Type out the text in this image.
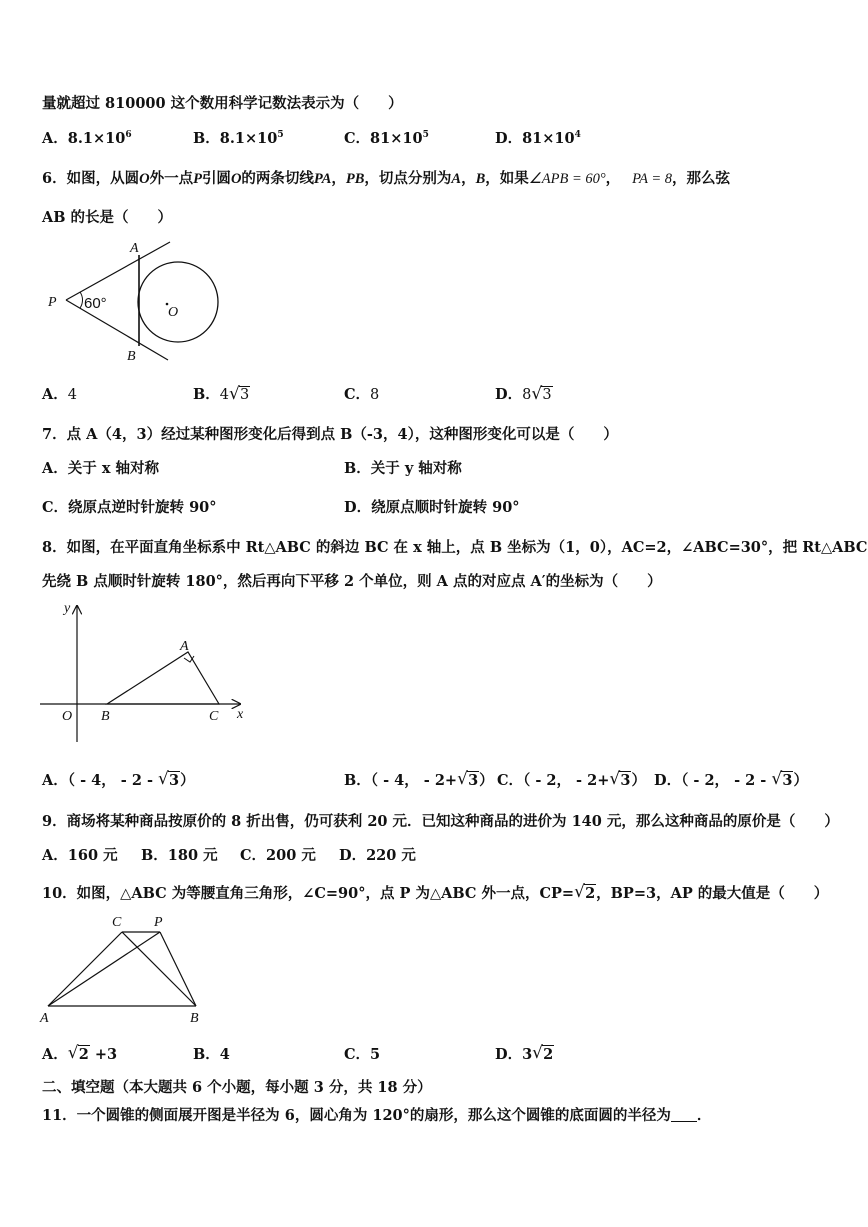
量就超过 810000 这个数用科学记数法表示为（　　）
A．$8.1\times 10^6$	B．$8.1\times 10^5$	C．$81\times 10^5$	D．$81\times 10^4$
6．如图，从圆O外一点P引圆O的两条切线PA，PB，切点分别为A，B，如果∠APB = 60°， PA = 8，那么弦
AB 的长是（　　）
A
B
P
O
60°
A．4	B．4 √ 3	C．8	D．8 √ 3
7．点 A（4，3）经过某种图形变化后得到点 B（-3，4），这种图形变化可以是（　　）
A．关于 x 轴对称	B．关于 y 轴对称
C．绕原点逆时针旋转 90°	D．绕原点顺时针旋转 90°
8．如图，在平面直角坐标系中 Rt△ABC 的斜边 BC 在 x 轴上，点 B 坐标为（1，0），AC=2，∠ABC=30°，把 Rt△ABC
先绕 B 点顺时针旋转 180°，然后再向下平移 2 个单位，则 A 点的对应点 A′的坐标为（　　）
y
A
O B	C x
A．（ - 4， - 2 - √ 3）	B．（ - 4， - 2+ √ 3） C．（ - 2， - 2+ √ 3） D．（ - 2， - 2 - √ 3）
9．商场将某种商品按原价的 8 折出售，仍可获利 20 元．已知这种商品的进价为 140 元，那么这种商品的原价是（　　）
A．160 元 B．180 元 C．200 元 D．220 元
10．如图，△ABC 为等腰直角三角形，∠C=90°，点 P 为△ABC 外一点，CP= √ 2，BP=3，AP 的最大值是（　　）
C P
A	B
A． √ 2 +3	B．4	C．5	D．3 √ 2
二、填空题（本大题共 6 个小题，每小题 3 分，共 18 分）
11．一个圆锥的侧面展开图是半径为 6，圆心角为 120°的扇形，那么这个圆锥的底面圆的半径为 ．
